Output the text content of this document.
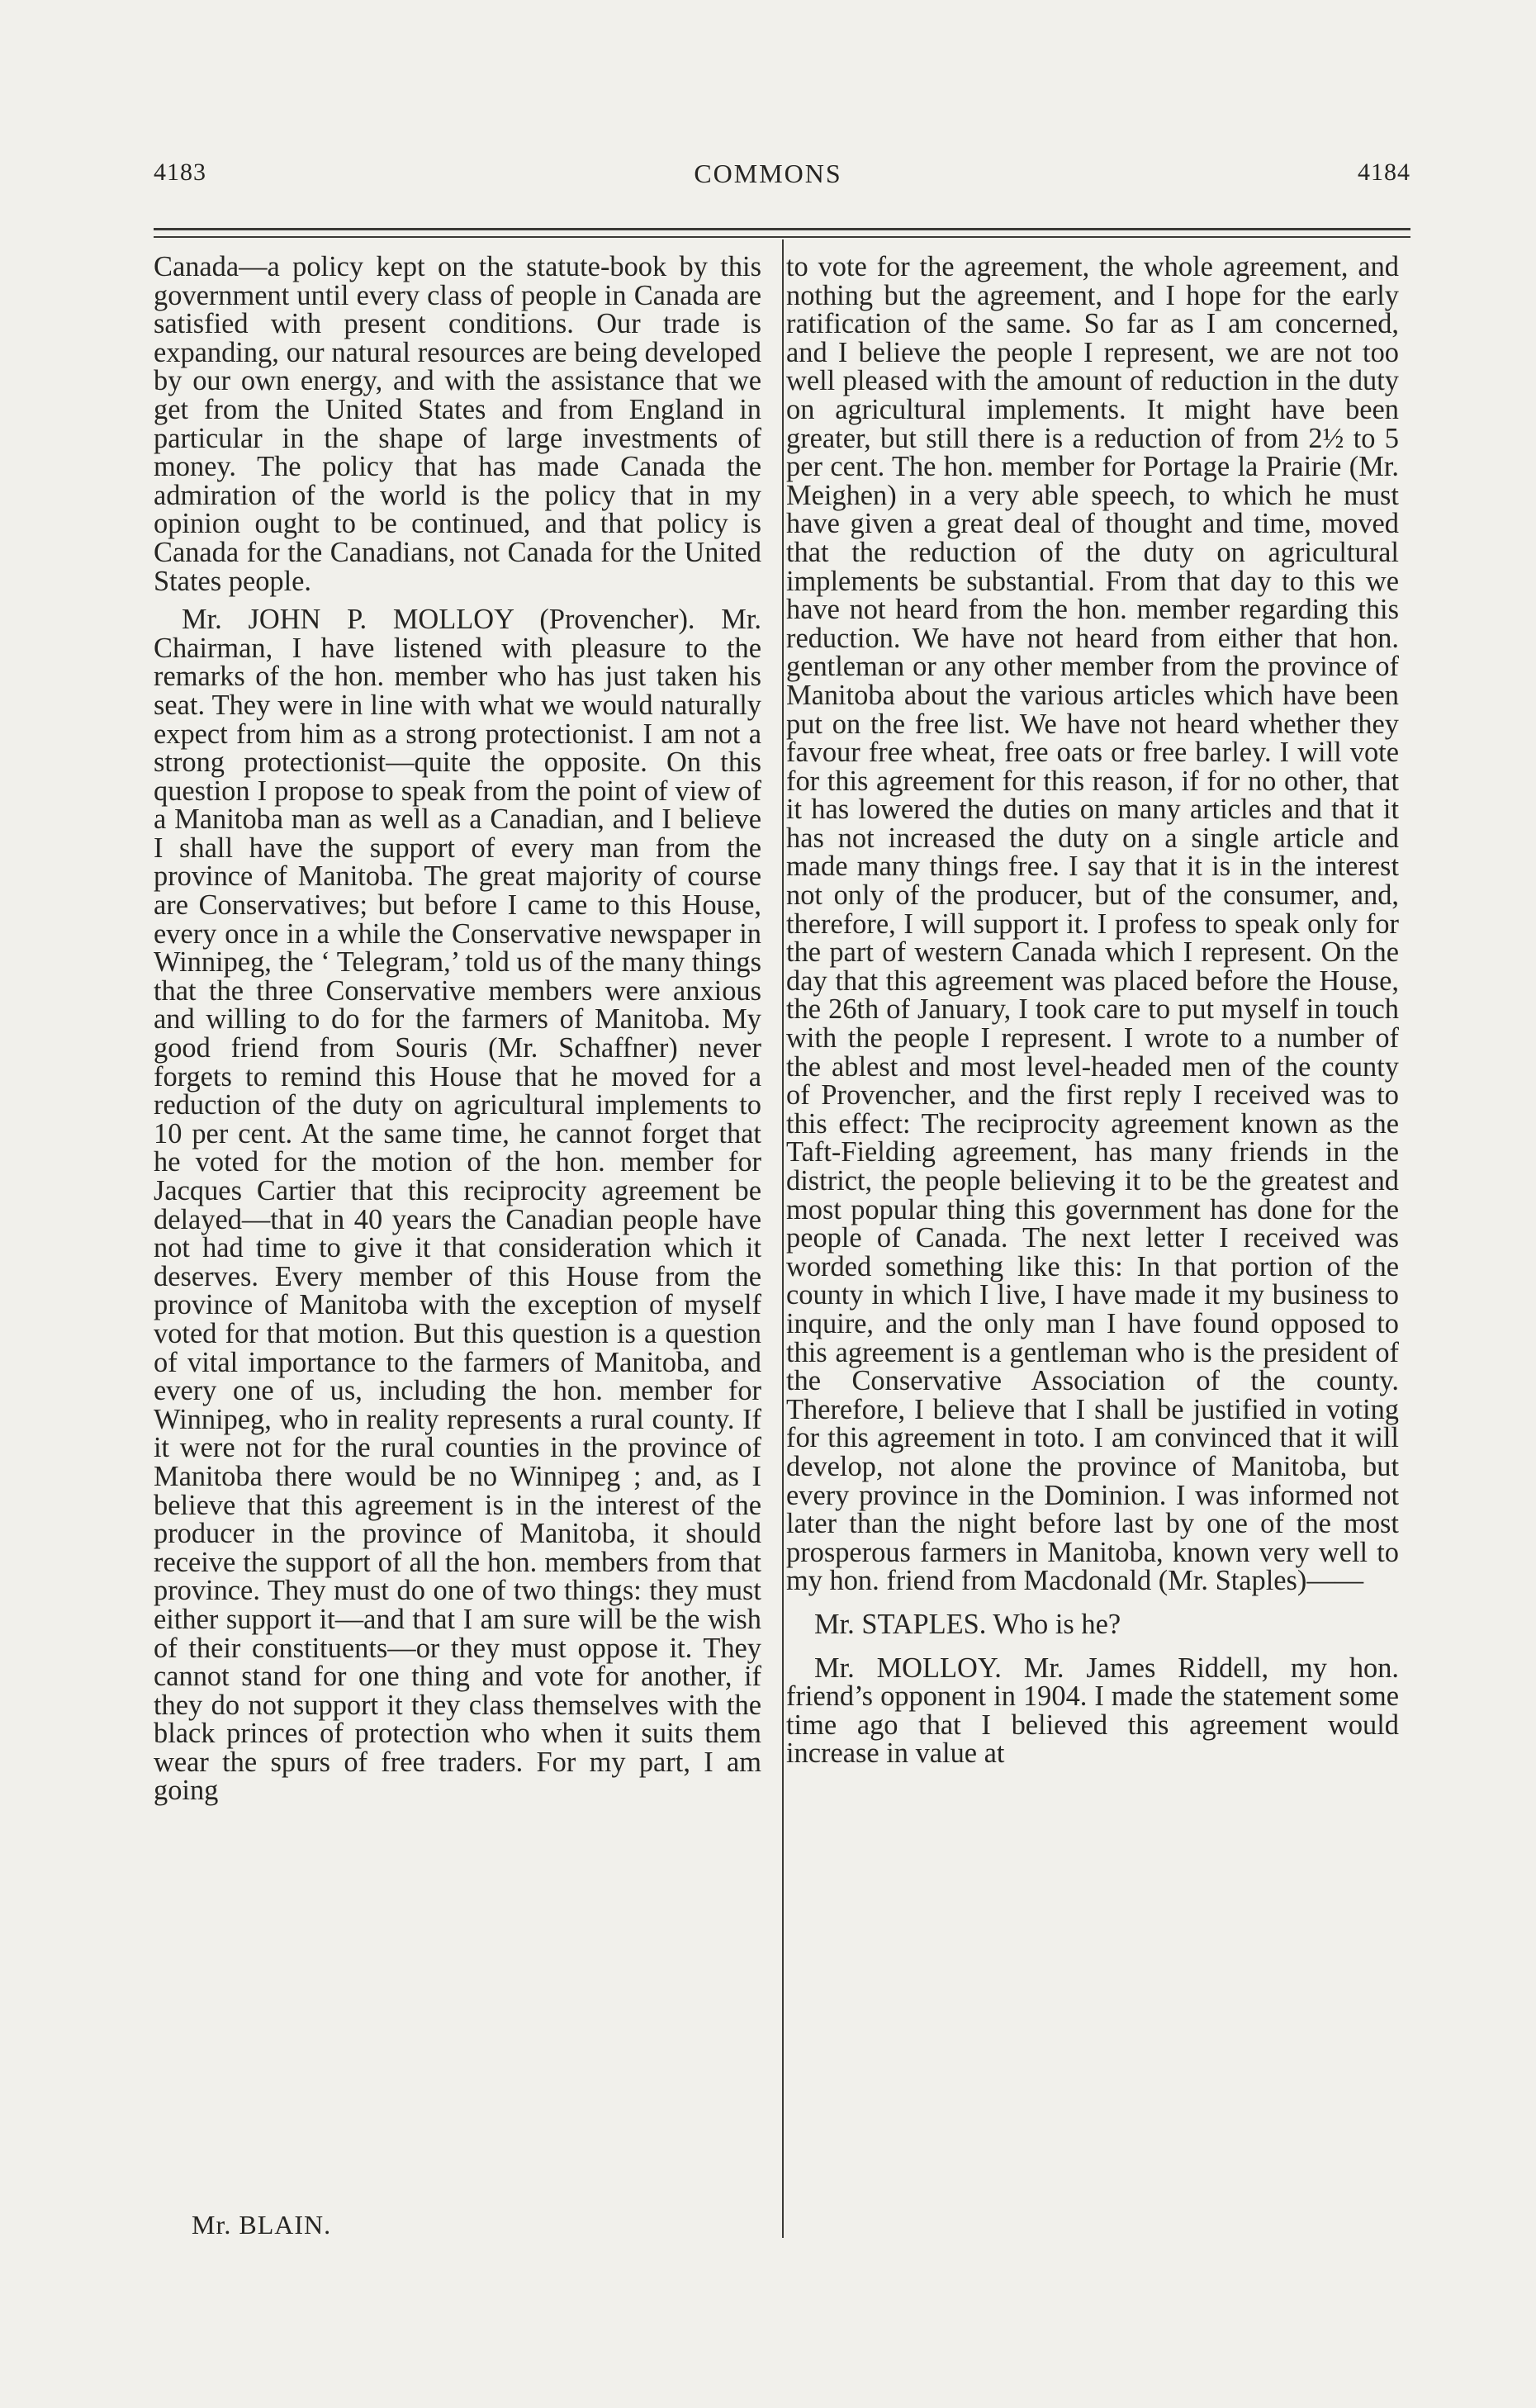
4183	COMMONS	4184

Canada—a policy kept on the statute-book by this government until every class of people in Canada are satisfied with present conditions. Our trade is expanding, our natural resources are being developed by our own energy, and with the assistance that we get from the United States and from England in particular in the shape of large investments of money. The policy that has made Canada the admiration of the world is the policy that in my opinion ought to be continued, and that policy is Canada for the Canadians, not Canada for the United States people.

Mr. JOHN P. MOLLOY (Provencher). Mr. Chairman, I have listened with pleasure to the remarks of the hon. member who has just taken his seat. They were in line with what we would naturally expect from him as a strong protectionist. I am not a strong protectionist—quite the opposite. On this question I propose to speak from the point of view of a Manitoba man as well as a Canadian, and I believe I shall have the support of every man from the province of Manitoba. The great majority of course are Conservatives; but before I came to this House, every once in a while the Conservative newspaper in Winnipeg, the ‘ Telegram,’ told us of the many things that the three Conservative members were anxious and willing to do for the farmers of Manitoba. My good friend from Souris (Mr. Schaffner) never forgets to remind this House that he moved for a reduction of the duty on agricultural implements to 10 per cent. At the same time, he cannot forget that he voted for the motion of the hon. member for Jacques Cartier that this reciprocity agreement be delayed—that in 40 years the Canadian people have not had time to give it that consideration which it deserves. Every member of this House from the province of Manitoba with the exception of myself voted for that motion. But this question is a question of vital importance to the farmers of Manitoba, and every one of us, including the hon. member for Winnipeg, who in reality represents a rural county. If it were not for the rural counties in the province of Manitoba there would be no Winnipeg ; and, as I believe that this agreement is in the interest of the producer in the province of Manitoba, it should receive the support of all the hon. members from that province. They must do one of two things: they must either support it—and that I am sure will be the wish of their constituents—or they must oppose it. They cannot stand for one thing and vote for another, if they do not support it they class themselves with the black princes of protection who when it suits them wear the spurs of free traders. For my part, I am going

to vote for the agreement, the whole agreement, and nothing but the agreement, and I hope for the early ratification of the same. So far as I am concerned, and I believe the people I represent, we are not too well pleased with the amount of reduction in the duty on agricultural implements. It might have been greater, but still there is a reduction of from 2½ to 5 per cent. The hon. member for Portage la Prairie (Mr. Meighen) in a very able speech, to which he must have given a great deal of thought and time, moved that the reduction of the duty on agricultural implements be substantial. From that day to this we have not heard from the hon. member regarding this reduction. We have not heard from either that hon. gentleman or any other member from the province of Manitoba about the various articles which have been put on the free list. We have not heard whether they favour free wheat, free oats or free barley. I will vote for this agreement for this reason, if for no other, that it has lowered the duties on many articles and that it has not increased the duty on a single article and made many things free. I say that it is in the interest not only of the producer, but of the consumer, and, therefore, I will support it. I profess to speak only for the part of western Canada which I represent. On the day that this agreement was placed before the House, the 26th of January, I took care to put myself in touch with the people I represent. I wrote to a number of the ablest and most level-headed men of the county of Provencher, and the first reply I received was to this effect: The reciprocity agreement known as the Taft-Fielding agreement, has many friends in the district, the people believing it to be the greatest and most popular thing this government has done for the people of Canada. The next letter I received was worded something like this: In that portion of the county in which I live, I have made it my business to inquire, and the only man I have found opposed to this agreement is a gentleman who is the president of the Conservative Association of the county. Therefore, I believe that I shall be justified in voting for this agreement in toto. I am convinced that it will develop, not alone the province of Manitoba, but every province in the Dominion. I was informed not later than the night before last by one of the most prosperous farmers in Manitoba, known very well to my hon. friend from Macdonald (Mr. Staples)——

Mr. STAPLES. Who is he?

Mr. MOLLOY. Mr. James Riddell, my hon. friend’s opponent in 1904. I made the statement some time ago that I believed this agreement would increase in value at

Mr. BLAIN.
